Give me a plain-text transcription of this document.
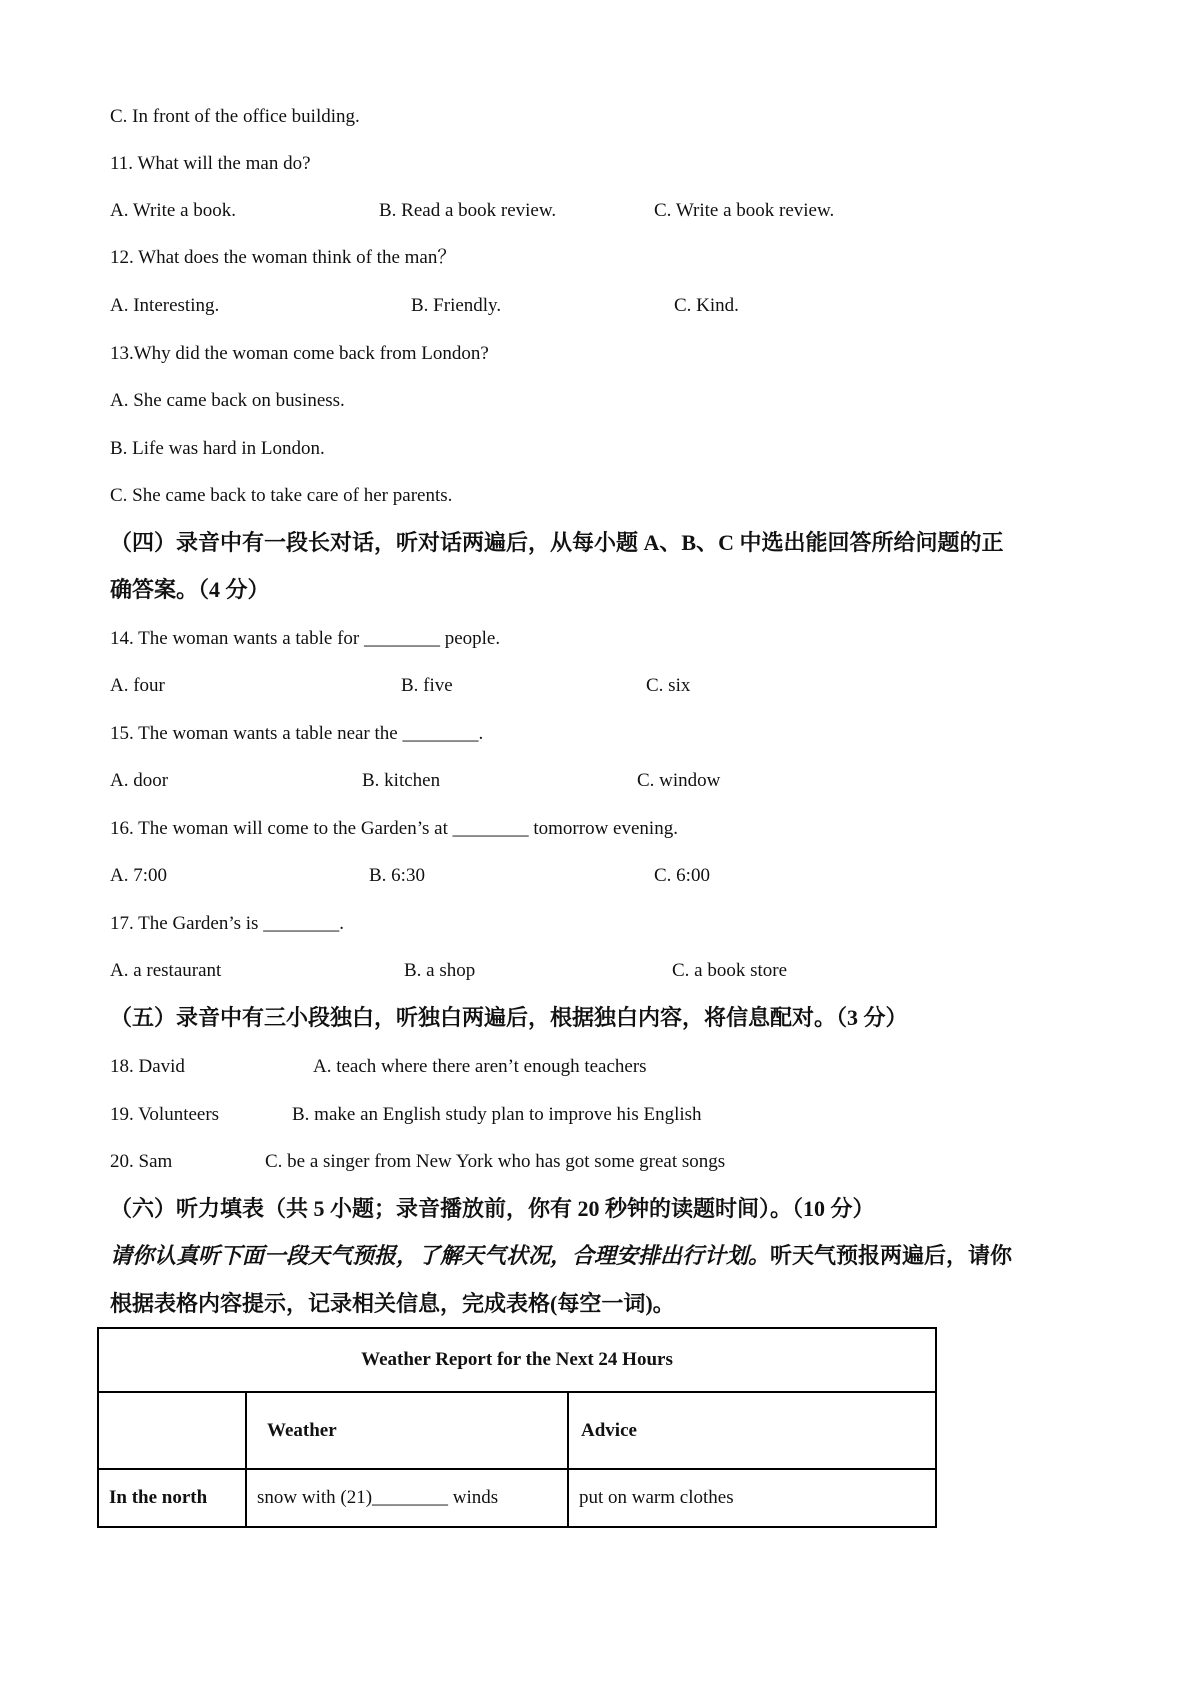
C. In front of the office building.
11. What will the man do?
A. Write a book.	B. Read a book review.	C. Write a book review.
12. What does the woman think of the man？
A. Interesting.	B. Friendly.	C. Kind.
13.Why did the woman come back from London?
A. She came back on business.
B. Life was hard in London.
C. She came back to take care of her parents.
（四）录音中有一段长对话，听对话两遍后，从每小题 A、B、C 中选出能回答所给问题的正
确答案。（4 分）
14. The woman wants a table for ________ people.
A. four	B. five	C. six
15. The woman wants a table near the ________.
A. door	B. kitchen	C. window
16. The woman will come to the Garden’s at ________ tomorrow evening.
A. 7:00	B. 6:30	C. 6:00
17. The Garden’s is ________.
A. a restaurant	B. a shop	C. a book store
（五）录音中有三小段独白，听独白两遍后，根据独白内容，将信息配对。（3 分）
18. David	A. teach where there aren’t enough teachers
19. Volunteers	B. make an English study plan to improve his English
20. Sam	C. be a singer from New York who has got some great songs
（六）听力填表（共 5 小题；录音播放前，你有 20 秒钟的读题时间）。（10 分）
请你认真听下面一段天气预报，了解天气状况，合理安排出行计划。听天气预报两遍后，请你
根据表格内容提示，记录相关信息，完成表格(每空一词)。
Weather Report for the Next 24 Hours		
	Weather	Advice
In the north	snow with (21)________ winds	put on warm clothes
